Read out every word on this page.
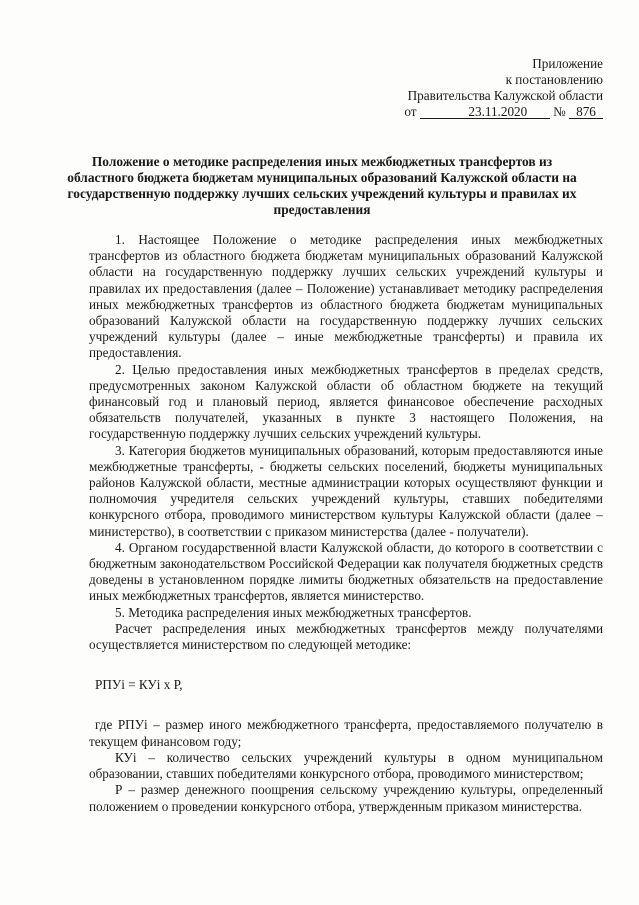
Приложение
к постановлению
Правительства Калужской области
от	23.11.2020 № 876
Положение о методике распределения иных межбюджетных трансфертов из областного бюджета бюджетам муниципальных образований Калужской области на государственную поддержку лучших сельских учреждений культуры и правилах их предоставления

1. Настоящее Положение о методике распределения иных межбюджетных трансфертов из областного бюджета бюджетам муниципальных образований Калужской области на государственную поддержку лучших сельских учреждений культуры и правилах их предоставления (далее – Положение) устанавливает методику распределения иных межбюджетных трансфертов из областного бюджета бюджетам муниципальных образований Калужской области на государственную поддержку лучших сельских учреждений культуры (далее – иные межбюджетные трансферты) и правила их предоставления.

2. Целью предоставления иных межбюджетных трансфертов в пределах средств, предусмотренных законом Калужской области об областном бюджете на текущий финансовый год и плановый период, является финансовое обеспечение расходных обязательств получателей, указанных в пункте 3 настоящего Положения, на государственную поддержку лучших сельских учреждений культуры.

3. Категория бюджетов муниципальных образований, которым предоставляются иные межбюджетные трансферты, - бюджеты сельских поселений, бюджеты муниципальных районов Калужской области, местные администрации которых осуществляют функции и полномочия учредителя сельских учреждений культуры, ставших победителями конкурсного отбора, проводимого министерством культуры Калужской области (далее – министерство), в соответствии с приказом министерства (далее - получатели).

4. Органом государственной власти Калужской области, до которого в соответствии с бюджетным законодательством Российской Федерации как получателя бюджетных средств доведены в установленном порядке лимиты бюджетных обязательств на предоставление иных межбюджетных трансфертов, является министерство.

5. Методика распределения иных межбюджетных трансфертов.

Расчет распределения иных межбюджетных трансфертов между получателями осуществляется министерством по следующей методике:

РПУi = КУi х Р,

где РПУi – размер иного межбюджетного трансферта, предоставляемого получателю в текущем финансовом году;

КУi – количество сельских учреждений культуры в одном муниципальном образовании, ставших победителями конкурсного отбора, проводимого министерством;

Р – размер денежного поощрения сельскому учреждению культуры, определенный положением о проведении конкурсного отбора, утвержденным приказом министерства.
